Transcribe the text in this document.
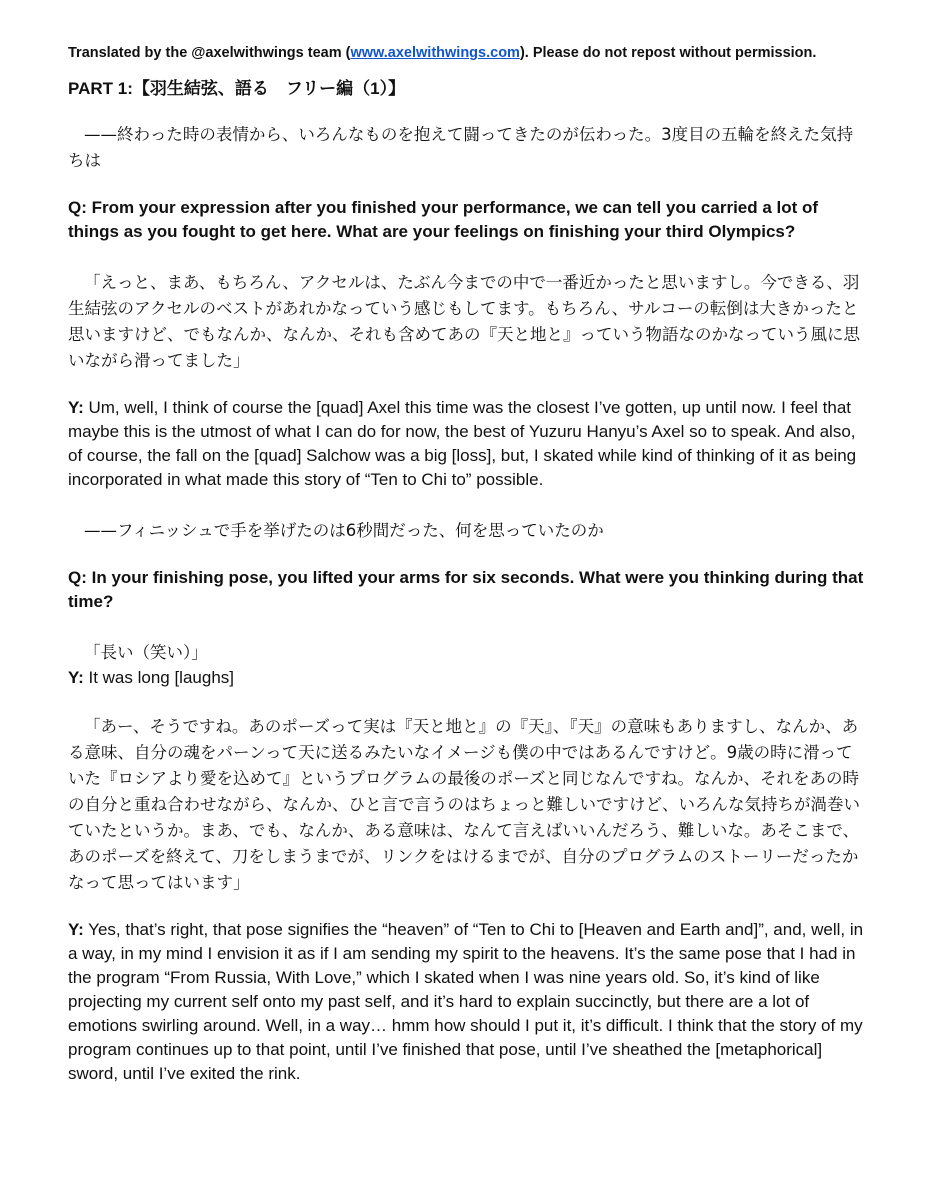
Translated by the @axelwithwings team (www.axelwithwings.com). Please do not repost without permission.
PART 1:【羽生結弦、語る　フリー編（1）】

——終わった時の表情から、いろんなものを抱えて闘ってきたのが伝わった。3度目の五輪を終えた気持ちは

Q: From your expression after you finished your performance, we can tell you carried a lot of things as you fought to get here. What are your feelings on finishing your third Olympics?

「えっと、まあ、もちろん、アクセルは、たぶん今までの中で一番近かったと思いますし。今できる、羽生結弦のアクセルのベストがあれかなっていう感じもしてます。もちろん、サルコーの転倒は大きかったと思いますけど、でもなんか、なんか、それも含めてあの『天と地と』っていう物語なのかなっていう風に思いながら滑ってました」

Y: Um, well, I think of course the [quad] Axel this time was the closest I’ve gotten, up until now. I feel that maybe this is the utmost of what I can do for now, the best of Yuzuru Hanyu’s Axel so to speak. And also, of course, the fall on the [quad] Salchow was a big [loss], but, I skated while kind of thinking of it as being incorporated in what made this story of “Ten to Chi to” possible.

——フィニッシュで手を挙げたのは6秒間だった、何を思っていたのか

Q: In your finishing pose, you lifted your arms for six seconds. What were you thinking during that time?

「長い（笑い）」

Y: It was long [laughs]

「あー、そうですね。あのポーズって実は『天と地と』の『天』、『天』の意味もありますし、なんか、ある意味、自分の魂をパーンって天に送るみたいなイメージも僕の中ではあるんですけど。9歳の時に滑っていた『ロシアより愛を込めて』というプログラムの最後のポーズと同じなんですね。なんか、それをあの時の自分と重ね合わせながら、なんか、ひと言で言うのはちょっと難しいですけど、いろんな気持ちが渦巻いていたというか。まあ、でも、なんか、ある意味は、なんて言えばいいんだろう、難しいな。あそこまで、あのポーズを終えて、刀をしまうまでが、リンクをはけるまでが、自分のプログラムのストーリーだったかなって思ってはいます」

Y: Yes, that’s right, that pose signifies the “heaven” of “Ten to Chi to [Heaven and Earth and]”, and, well, in a way, in my mind I envision it as if I am sending my spirit to the heavens. It’s the same pose that I had in the program “From Russia, With Love,” which I skated when I was nine years old. So, it’s kind of like projecting my current self onto my past self, and it’s hard to explain succinctly, but there are a lot of emotions swirling around. Well, in a way… hmm how should I put it, it’s difficult. I think that the story of my program continues up to that point, until I’ve finished that pose, until I’ve sheathed the [metaphorical] sword, until I’ve exited the rink.
